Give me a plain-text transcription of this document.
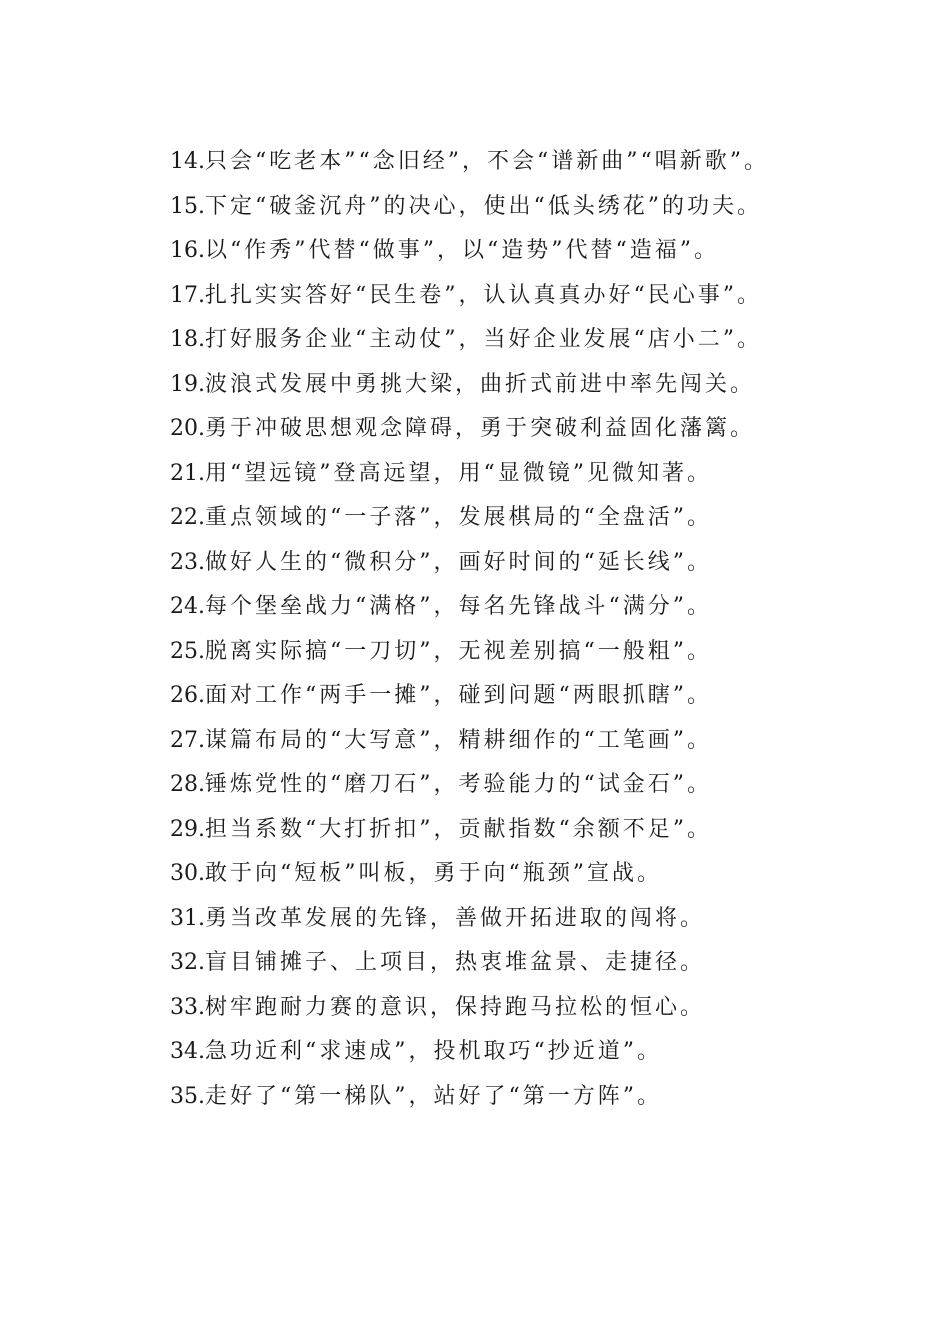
14.只会“吃老本”“念旧经”，不会“谱新曲”“唱新歌”。

15.下定“破釜沉舟”的决心，使出“低头绣花”的功夫。

16.以“作秀”代替“做事”，以“造势”代替“造福”。

17.扎扎实实答好“民生卷”，认认真真办好“民心事”。

18.打好服务企业“主动仗”，当好企业发展“店小二”。

19.波浪式发展中勇挑大梁，曲折式前进中率先闯关。

20.勇于冲破思想观念障碍，勇于突破利益固化藩篱。

21.用“望远镜”登高远望，用“显微镜”见微知著。

22.重点领域的“一子落”，发展棋局的“全盘活”。

23.做好人生的“微积分”，画好时间的“延长线”。

24.每个堡垒战力“满格”，每名先锋战斗“满分”。

25.脱离实际搞“一刀切”，无视差别搞“一般粗”。

26.面对工作“两手一摊”，碰到问题“两眼抓瞎”。

27.谋篇布局的“大写意”，精耕细作的“工笔画”。

28.锤炼党性的“磨刀石”，考验能力的“试金石”。

29.担当系数“大打折扣”，贡献指数“余额不足”。

30.敢于向“短板”叫板，勇于向“瓶颈”宣战。

31.勇当改革发展的先锋，善做开拓进取的闯将。

32.盲目铺摊子、上项目，热衷堆盆景、走捷径。

33.树牢跑耐力赛的意识，保持跑马拉松的恒心。

34.急功近利“求速成”，投机取巧“抄近道”。

35.走好了“第一梯队”，站好了“第一方阵”。
